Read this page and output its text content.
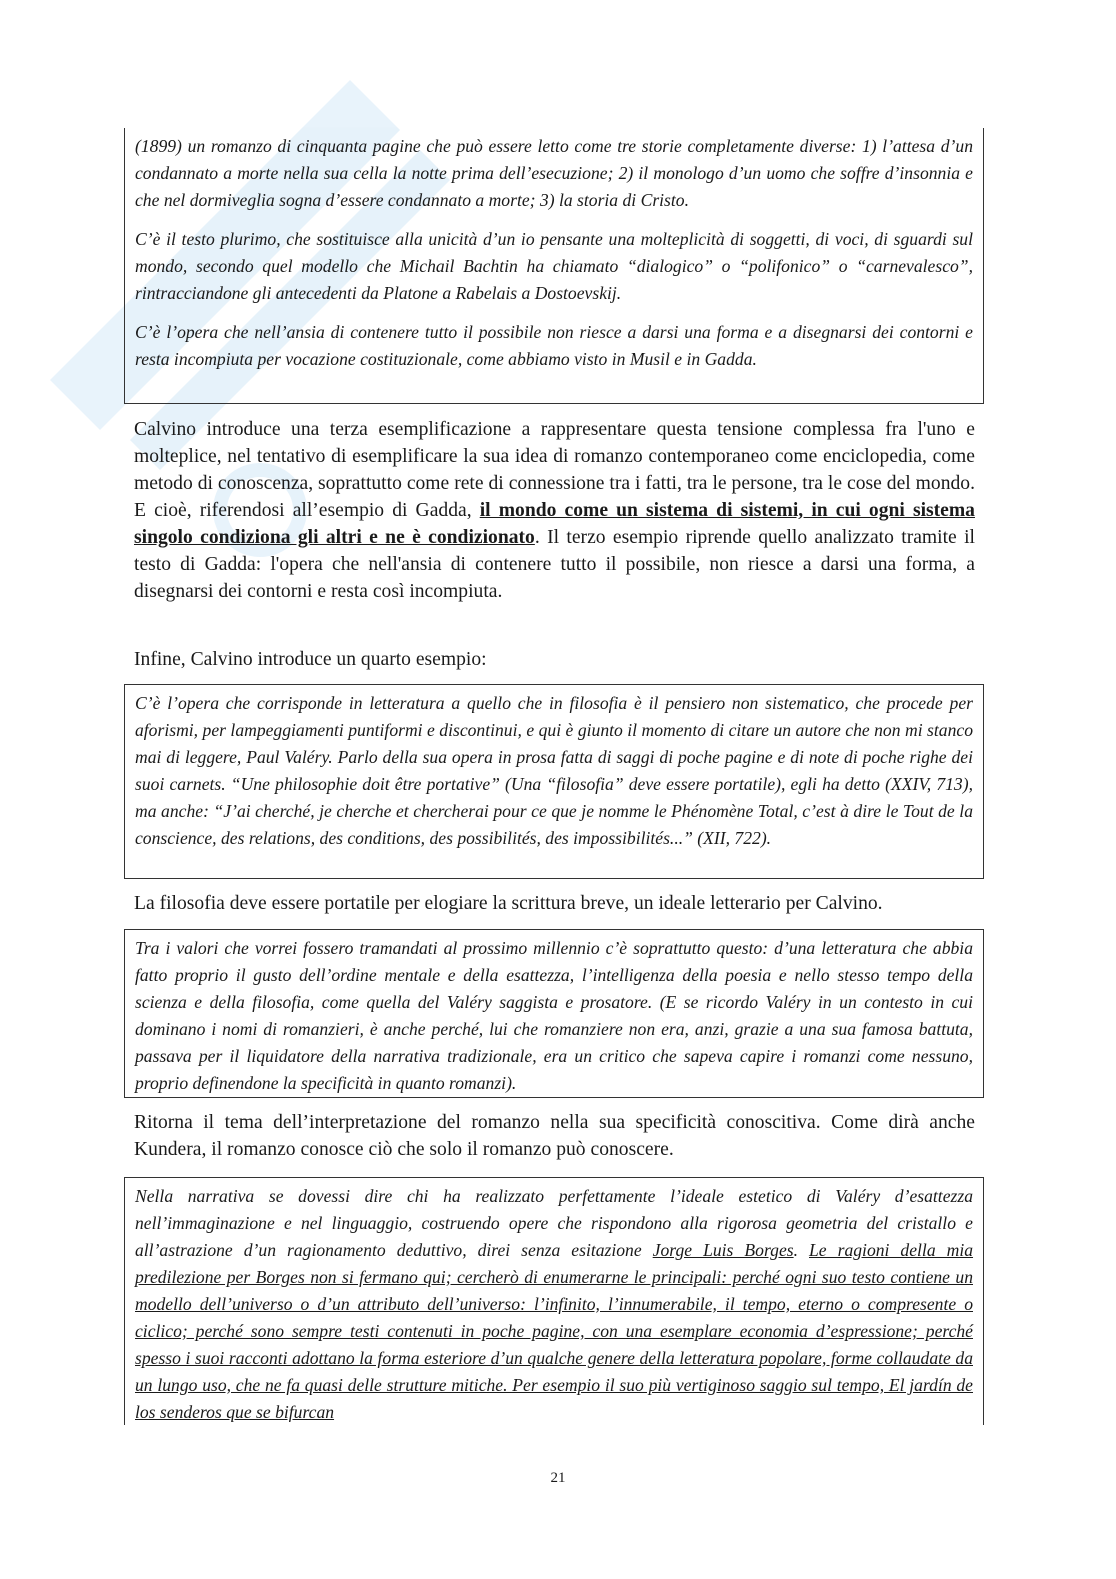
(1899) un romanzo di cinquanta pagine che può essere letto come tre storie completamente diverse: 1) l’attesa d’un condannato a morte nella sua cella la notte prima dell’esecuzione; 2) il monologo d’un uomo che soffre d’insonnia e che nel dormiveglia sogna d’essere condannato a morte; 3) la storia di Cristo.

C’è il testo plurimo, che sostituisce alla unicità d’un io pensante una molteplicità di soggetti, di voci, di sguardi sul mondo, secondo quel modello che Michail Bachtin ha chiamato “dialogico” o “polifonico” o “carnevalesco”, rintracciandone gli antecedenti da Platone a Rabelais a Dostoevskij.

C’è l’opera che nell’ansia di contenere tutto il possibile non riesce a darsi una forma e a disegnarsi dei contorni e resta incompiuta per vocazione costituzionale, come abbiamo visto in Musil e in Gadda.

Calvino introduce una terza esemplificazione a rappresentare questa tensione complessa fra l'uno e molteplice, nel tentativo di esemplificare la sua idea di romanzo contemporaneo come enciclopedia, come metodo di conoscenza, soprattutto come rete di connessione tra i fatti, tra le persone, tra le cose del mondo. E cioè, riferendosi all’esempio di Gadda, il mondo come un sistema di sistemi, in cui ogni sistema singolo condiziona gli altri e ne è condizionato. Il terzo esempio riprende quello analizzato tramite il testo di Gadda: l'opera che nell'ansia di contenere tutto il possibile, non riesce a darsi una forma, a disegnarsi dei contorni e resta così incompiuta.

Infine, Calvino introduce un quarto esempio:

C’è l’opera che corrisponde in letteratura a quello che in filosofia è il pensiero non sistematico, che procede per aforismi, per lampeggiamenti puntiformi e discontinui, e qui è giunto il momento di citare un autore che non mi stanco mai di leggere, Paul Valéry. Parlo della sua opera in prosa fatta di saggi di poche pagine e di note di poche righe dei suoi carnets. “Une philosophie doit être portative” (Una “filosofia” deve essere portatile), egli ha detto (XXIV, 713), ma anche: “J’ai cherché, je cherche et chercherai pour ce que je nomme le Phénomène Total, c’est à dire le Tout de la conscience, des relations, des conditions, des possibilités, des impossibilités...” (XII, 722).

La filosofia deve essere portatile per elogiare la scrittura breve, un ideale letterario per Calvino.

Tra i valori che vorrei fossero tramandati al prossimo millennio c’è soprattutto questo: d’una letteratura che abbia fatto proprio il gusto dell’ordine mentale e della esattezza, l’intelligenza della poesia e nello stesso tempo della scienza e della filosofia, come quella del Valéry saggista e prosatore. (E se ricordo Valéry in un contesto in cui dominano i nomi di romanzieri, è anche perché, lui che romanziere non era, anzi, grazie a una sua famosa battuta, passava per il liquidatore della narrativa tradizionale, era un critico che sapeva capire i romanzi come nessuno, proprio definendone la specificità in quanto romanzi).

Ritorna il tema dell’interpretazione del romanzo nella sua specificità conoscitiva. Come dirà anche Kundera, il romanzo conosce ciò che solo il romanzo può conoscere.

Nella narrativa se dovessi dire chi ha realizzato perfettamente l’ideale estetico di Valéry d’esattezza nell’immaginazione e nel linguaggio, costruendo opere che rispondono alla rigorosa geometria del cristallo e all’astrazione d’un ragionamento deduttivo, direi senza esitazione Jorge Luis Borges. Le ragioni della mia predilezione per Borges non si fermano qui; cercherò di enumerarne le principali: perché ogni suo testo contiene un modello dell’universo o d’un attributo dell’universo: l’infinito, l’innumerabile, il tempo, eterno o compresente o ciclico; perché sono sempre testi contenuti in poche pagine, con una esemplare economia d’espressione; perché spesso i suoi racconti adottano la forma esteriore d’un qualche genere della letteratura popolare, forme collaudate da un lungo uso, che ne fa quasi delle strutture mitiche. Per esempio il suo più vertiginoso saggio sul tempo, El jardín de los senderos que se bifurcan

21
